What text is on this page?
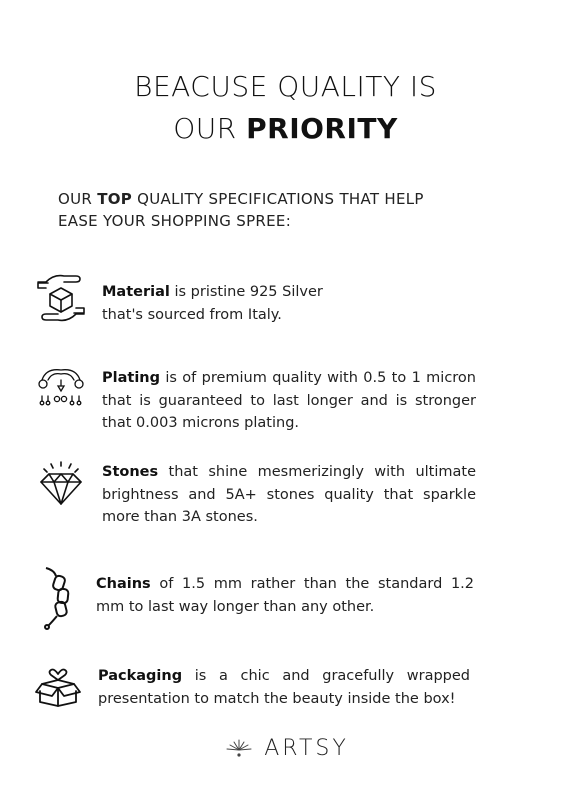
BEACUSE QUALITY IS
OUR PRIORITY
OUR TOP QUALITY SPECIFICATIONS THAT HELP
EASE YOUR SHOPPING SPREE:
Material is pristine 925 Silver that's sourced from Italy.
Plating is of premium quality with 0.5 to 1 micron that is guaranteed to last longer and is stronger that 0.003 microns plating.
Stones that shine mesmerizingly with ultimate brightness and 5A+ stones quality that sparkle more than 3A stones.
Chains of 1.5 mm rather than the standard 1.2 mm to last way longer than any other.
Packaging is a chic and gracefully wrapped presentation to match the beauty inside the box!
ARTSY
